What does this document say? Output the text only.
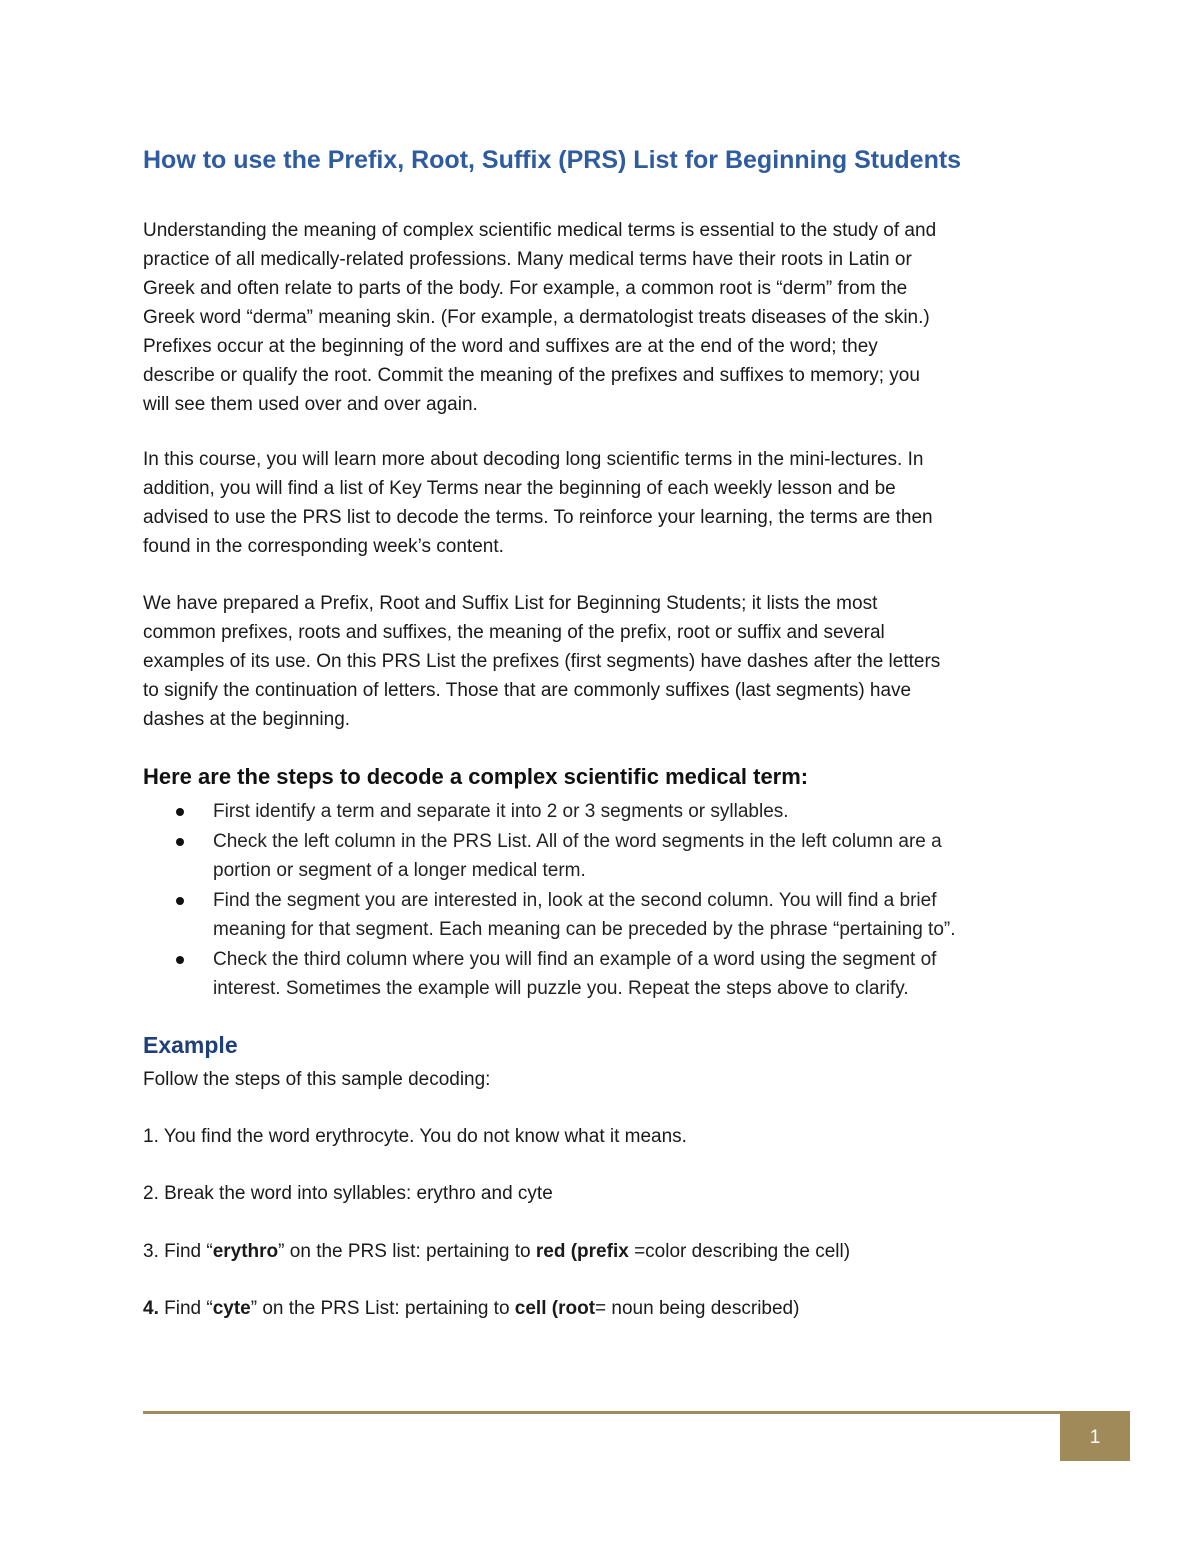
How to use the Prefix, Root, Suffix (PRS) List for Beginning Students
Understanding the meaning of complex scientific medical terms is essential to the study of and
practice of all medically-related professions. Many medical terms have their roots in Latin or
Greek and often relate to parts of the body. For example, a common root is “derm” from the
Greek word “derma” meaning skin. (For example, a dermatologist treats diseases of the skin.)
Prefixes occur at the beginning of the word and suffixes are at the end of the word; they
describe or qualify the root. Commit the meaning of the prefixes and suffixes to memory; you
will see them used over and over again.
In this course, you will learn more about decoding long scientific terms in the mini-lectures. In
addition, you will find a list of Key Terms near the beginning of each weekly lesson and be
advised to use the PRS list to decode the terms. To reinforce your learning, the terms are then
found in the corresponding week’s content.
We have prepared a Prefix, Root and Suffix List for Beginning Students; it lists the most
common prefixes, roots and suffixes, the meaning of the prefix, root or suffix and several
examples of its use. On this PRS List the prefixes (first segments) have dashes after the letters
to signify the continuation of letters. Those that are commonly suffixes (last segments) have
dashes at the beginning.
Here are the steps to decode a complex scientific medical term:
First identify a term and separate it into 2 or 3 segments or syllables.
Check the left column in the PRS List. All of the word segments in the left column are a
portion or segment of a longer medical term.
Find the segment you are interested in, look at the second column. You will find a brief
meaning for that segment. Each meaning can be preceded by the phrase “pertaining to”.
Check the third column where you will find an example of a word using the segment of
interest. Sometimes the example will puzzle you. Repeat the steps above to clarify.
Example

Follow the steps of this sample decoding:

1. You find the word erythrocyte. You do not know what it means.

2. Break the word into syllables: erythro and cyte

3. Find “erythro” on the PRS list: pertaining to red (prefix =color describing the cell)

4. Find “cyte” on the PRS List: pertaining to cell (root= noun being described)

1
